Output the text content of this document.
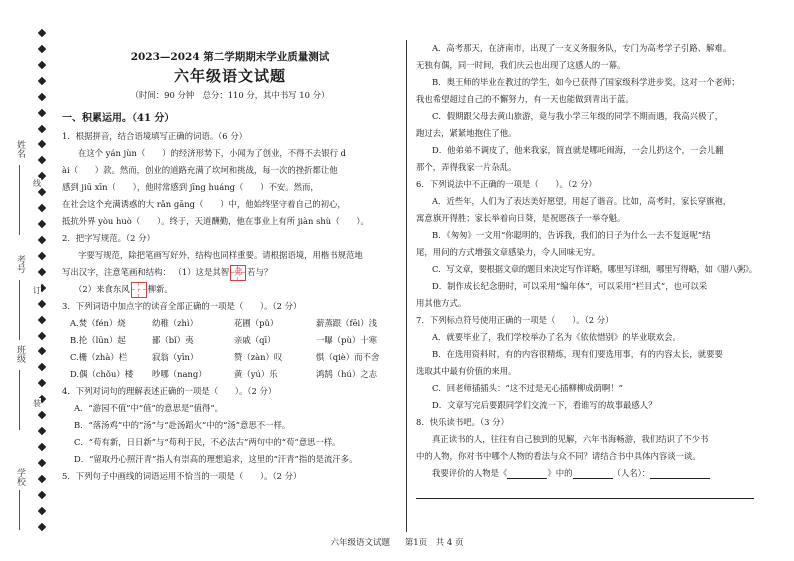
姓名
考号
班级
学校
线
订
装
2023—2024 第二学期期末学业质量测试
六年级语文试题
（时间：90 分钟　总分：110 分，其中书写 10 分）
一、积累运用。（41 分）

1．根据拼音，结合语境填写正确的词语。（6 分）

在这个 yán jùn（　　）的经济形势下，小闻为了创业，不得不去银行 d

ài（　　）款。然而，创业的道路充满了坎坷和挑战，每一次的挫折都让他

感到 jiū xīn（　　），他时常感到 jīng huáng（　　）不安。然而，

在社会这个充满诱惑的大 rǎn gāng（　　）中，他始终坚守着自己的初心，

抵抗外界 yòu huò（　　）。终于，天道酬勤，他在事业上有所 jiàn shù（　　）。

2．把字写规范。（2 分）

字要写规范，除把笔画写好外，结构也同样重要。请根据语境，用楷书规范地

写出汉字，注意笔画和结构： （1）这是其智 弗 若与？

（2）来食东风 柳新。

3．下列词语中加点字的读音全部正确的一项是（　　）。（2 分）

A.焚（fén）烧	幼稚（zhì）	花圃（pǔ）	薪蒸跟（fēi）浅
B.抡（lūn）起	鄙（bǐ）夷	亲戚（qī）	一曝（pù）十寒
C.栅（zhà）栏	寂翁（yīn）	赞（zàn）叹	惧（qiè）而不舍
D.偶（chǒu）楼	吵哪（nang）	黄（yú）乐	鸿鹄（hú）之志

4．下列对词句的理解表述正确的一项是（　　）。（2 分）

A．“游园不值”中“值”的意思是“值得”。

B．“落汤鸡”中的“汤”与“赴汤蹈火”中的“汤”意思不一样。

C．“苟有新，日日新”与“苟利于民，不必法古”两句中的“苟”意思一样。

D．“留取丹心照汗青”指人有崇高的理想追求，这里的“汗青”指的是流汗多。

5．下列句子中画线的词语运用不恰当的一项是（　　）。（2 分）

A．高考那天，在济南市，出现了一支义务服务队，专门为高考学子引路、解难。

无独有偶，同一时间，我们庆云也出现了这感人的一幕。

B．奥王师的毕业在教过的学生，如今已获得了国家级科学进步奖，这对一个老师；

我也希望超过自己的不懈努力，有一天也能做到青出于蓝。

C．假期跟父母去黄山旅游，竟与我小学三年级的同学不期而遇，我高兴极了，

跑过去，紧紧地抱住了他。

D．他弟弟不调皮了，他来我家，简直就是哪吒闹海，一会儿扔这个，一会儿翻

那个，弄得我家一片杂乱。

6．下列说法中不正确的一项是（　　）。（2 分）

A．近些年，人们为了表达美好愿望，用起了谐音。比如，高考时，家长穿旗袍，

寓意旗开得胜；家长举着向日葵，是祝愿孩子一举夺魁。

B．《匆匆》一文用“你聪明的，告诉我，我们的日子为什么一去不复返呢”结

尾，用问的方式增强文章感染力，令人回味无穷。

C．写文章，要根据文章的题目来决定写作详略，哪里写详细，哪里写得略，如《腊八粥》。

D．制作成长纪念册时，可以采用“编年体”，可以采用“栏目式”，也可以采

用其他方式。

7．下列标点符号使用正确的一项是（　　）。（2 分）

A．就要毕业了，我们学校举办了名为《依依惜别》的毕业联欢会。

B．在选用资料时，有的内容很精炼，现有们要选用事，有的内容太长，就要要

选取其中最有价值的来用。

C．回老师插插头：“这不过是无心插柳柳成荫啊！”

D．文章写完后要跟同学们交流一下，看谁写的故事最感人？

8．快乐读书吧。（3 分）

真正读书的人，往往有自己独到的见解，六年书海畅游，我们结识了不少书

中的人物，你对书中哪个人物的看法与众不同？请结合书中具体内容谈一谈。

我要评价的人物是《	》中的	（人名）：

六年级语文试题 第1页　共 4 页
